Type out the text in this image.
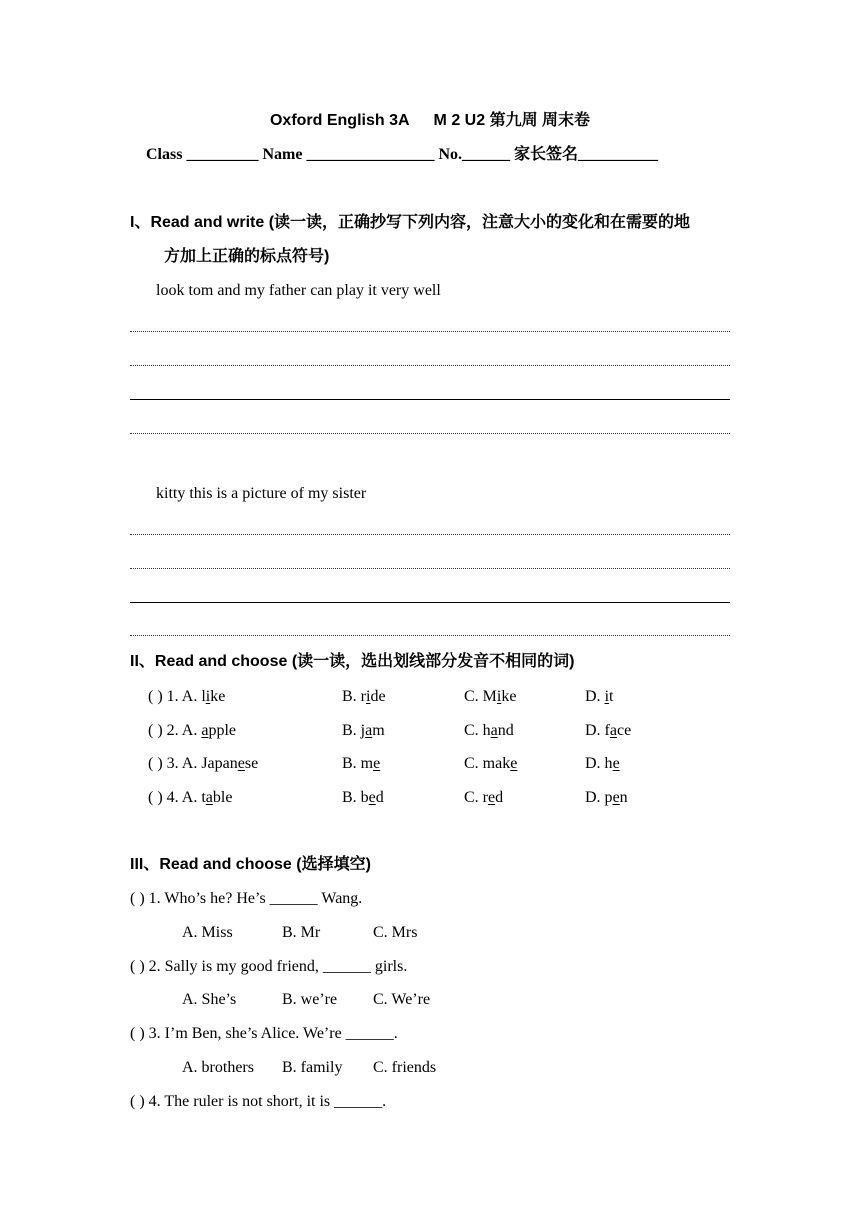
Oxford English 3A M 2 U2 第九周 周末卷
Class _________ Name ________________ No.______ 家长签名__________
I、Read and write (读一读，正确抄写下列内容，注意大小的变化和在需要的地
方加上正确的标点符号)
look tom and my father can play it very well
kitty this is a picture of my sister
II、Read and choose (读一读，选出划线部分发音不相同的词)
( ) 1. A. like	B. ride	C. Mike	D. it
( ) 2. A. apple	B. jam	C. hand	D. face
( ) 3. A. Japanese	B. me	C. make	D. he
( ) 4. A. table	B. bed	C. red	D. pen
III、Read and choose (选择填空)
( ) 1. Who’s he? He’s ______ Wang.
A. Miss	B. Mr	C. Mrs
( ) 2. Sally is my good friend, ______ girls.
A. She’s	B. we’re C. We’re
( ) 3. I’m Ben, she’s Alice. We’re ______.
A. brothers B. family C. friends
( ) 4. The ruler is not short, it is ______.
